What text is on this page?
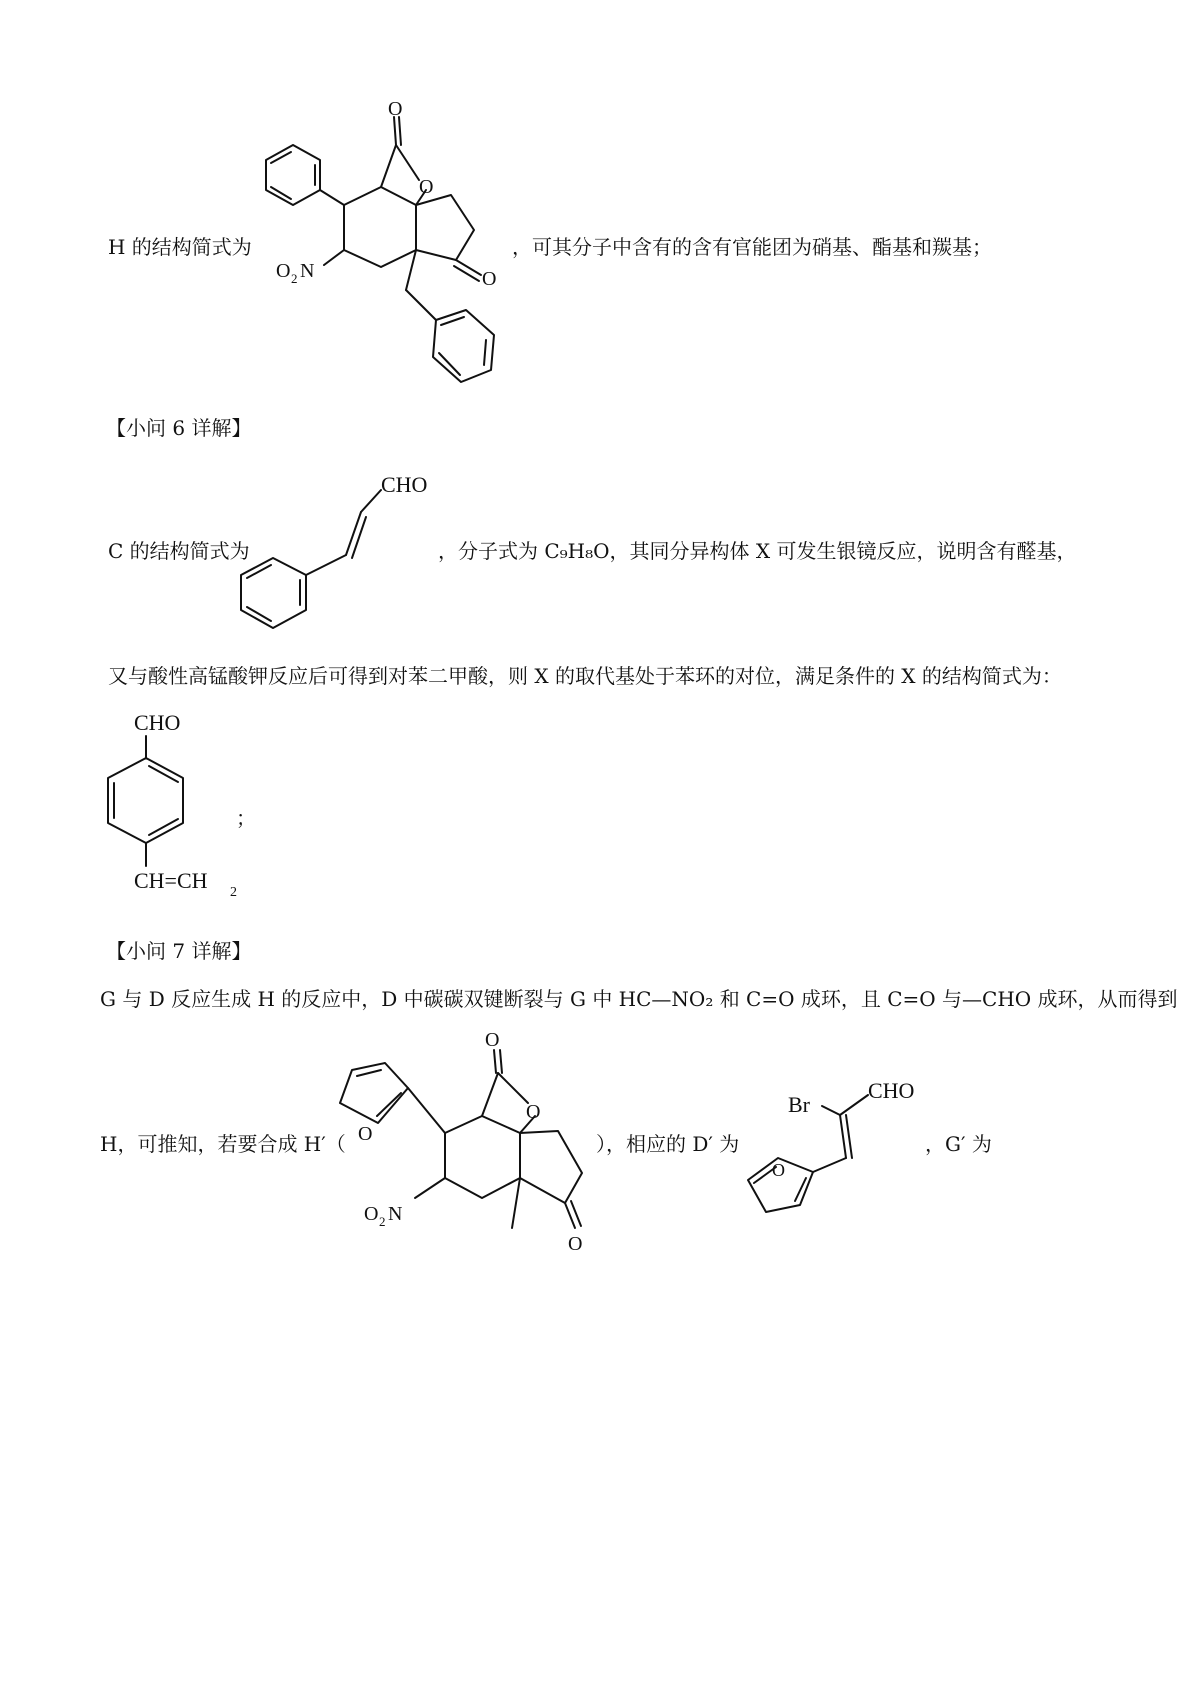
H 的结构简式为
O
O
O
O 2 N
，可其分子中含有的含有官能团为硝基、酯基和羰基；
【小问 6 详解】
C 的结构简式为
CHO
，分子式为 C₉H₈O，其同分异构体 X 可发生银镜反应，说明含有醛基，
又与酸性高锰酸钾反应后可得到对苯二甲酸，则 X 的取代基处于苯环的对位，满足条件的 X 的结构简式为：
CHO
CH=CH 2
；
【小问 7 详解】
G 与 D 反应生成 H 的反应中，D 中碳碳双键断裂与 G 中 HC—NO₂ 和 C=O 成环，且 C=O 与—CHO 成环，从而得到
H，可推知，若要合成 H′（ O
O
O
O
O 2 N
），相应的 D′ 为
Br
CHO
O
，G′ 为
